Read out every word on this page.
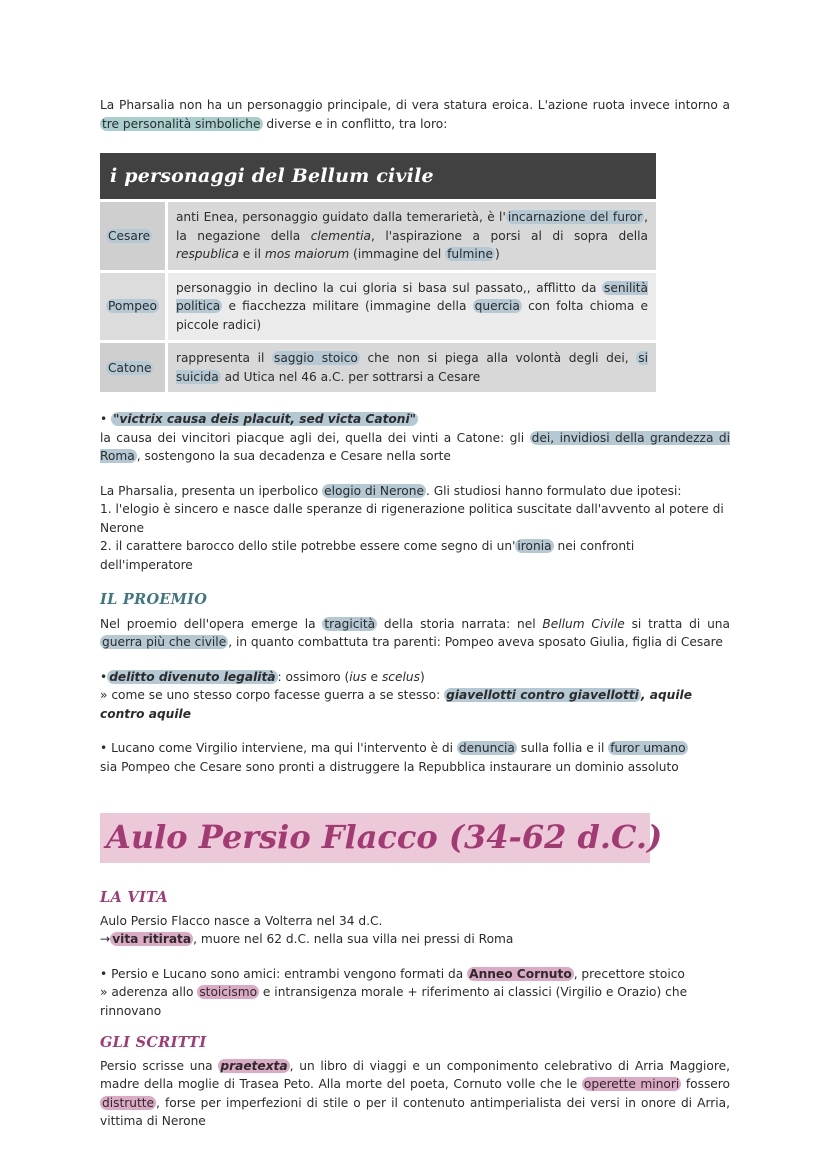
La Pharsalia non ha un personaggio principale, di vera statura eroica. L'azione ruota invece intorno a tre personalità simboliche diverse e in conflitto, tra loro:

i personaggi del Bellum civile	
Cesare	anti Enea, personaggio guidato dalla temerarietà, è l' incarnazione del furor , la negazione della clementia, l'aspirazione a porsi al di sopra della respublica e il mos maiorum (immagine del fulmine )

Pompeo	personaggio in declino la cui gloria si basa sul passato,, afflitto da senilità politica e fiacchezza militare (immagine della quercia con folta chioma e piccole radici)

Catone	rappresenta il saggio stoico che non si piega alla volontà degli dei, si suicida ad Utica nel 46 a.C. per sottrarsi a Cesare

• "victrix causa deis placuit, sed victa Catoni"

la causa dei vincitori piacque agli dei, quella dei vinti a Catone: gli dei, invidiosi della grandezza di Roma , sostengono la sua decadenza e Cesare nella sorte

La Pharsalia, presenta un iperbolico elogio di Nerone . Gli studiosi hanno formulato due ipotesi:

1. l'elogio è sincero e nasce dalle speranze di rigenerazione politica suscitate dall'avvento al potere di Nerone

2. il carattere barocco dello stile potrebbe essere come segno di un' ironia nei confronti dell'imperatore

IL PROEMIO

Nel proemio dell'opera emerge la tragicità della storia narrata: nel Bellum Civile si tratta di una guerra più che civile , in quanto combattuta tra parenti: Pompeo aveva sposato Giulia, figlia di Cesare

• delitto divenuto legalità : ossimoro (ius e scelus)

» come se uno stesso corpo facesse guerra a se stesso: giavellotti contro giavellotti , aquile contro aquile

• Lucano come Virgilio interviene, ma qui l'intervento è di denuncia sulla follia e il furor umano

sia Pompeo che Cesare sono pronti a distruggere la Repubblica instaurare un dominio assoluto

Aulo Persio Flacco (34-62 d.C.)

LA VITA

Aulo Persio Flacco nasce a Volterra nel 34 d.C.

→ vita ritirata , muore nel 62 d.C. nella sua villa nei pressi di Roma

• Persio e Lucano sono amici: entrambi vengono formati da Anneo Cornuto , precettore stoico

» aderenza allo stoicismo e intransigenza morale + riferimento ai classici (Virgilio e Orazio) che rinnovano

GLI SCRITTI

Persio scrisse una praetexta , un libro di viaggi e un componimento celebrativo di Arria Maggiore, madre della moglie di Trasea Peto. Alla morte del poeta, Cornuto volle che le operette minori fossero distrutte , forse per imperfezioni di stile o per il contenuto antimperialista dei versi in onore di Arria, vittima di Nerone
